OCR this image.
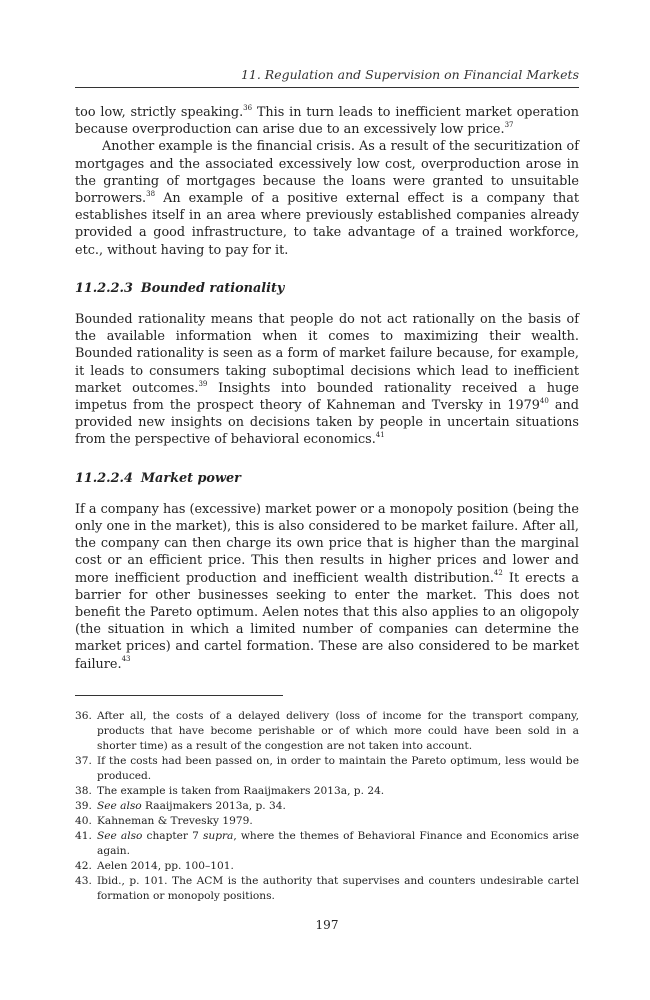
11. Regulation and Supervision on Financial Markets

too low, strictly speaking.$^{36}$ This in turn leads to inefficient market operation because overproduction can arise due to an excessively low price.$^{37}$

Another example is the financial crisis. As a result of the securitization of mortgages and the associated excessively low cost, overproduction arose in the granting of mortgages because the loans were granted to unsuitable borrowers.$^{38}$ An example of a positive external effect is a company that establishes itself in an area where previously established companies already provided a good infrastructure, to take advantage of a trained workforce, etc., without having to pay for it.

11.2.2.3 Bounded rationality

Bounded rationality means that people do not act rationally on the basis of the available information when it comes to maximizing their wealth. Bounded rationality is seen as a form of market failure because, for example, it leads to consumers taking suboptimal decisions which lead to inefficient market outcomes.$^{39}$ Insights into bounded rationality received a huge impetus from the prospect theory of Kahneman and Tversky in 1979$^{40}$ and provided new insights on decisions taken by people in uncertain situations from the perspective of behavioral economics.$^{41}$

11.2.2.4 Market power

If a company has (excessive) market power or a monopoly position (being the only one in the market), this is also considered to be market failure. After all, the company can then charge its own price that is higher than the marginal cost or an efficient price. This then results in higher prices and lower and more inefficient production and inefficient wealth distribution.$^{42}$ It erects a barrier for other businesses seeking to enter the market. This does not benefit the Pareto optimum. Aelen notes that this also applies to an oligopoly (the situation in which a limited number of companies can determine the market prices) and cartel formation. These are also considered to be market failure.$^{43}$

36. After all, the costs of a delayed delivery (loss of income for the transport company, products that have become perishable or of which more could have been sold in a shorter time) as a result of the congestion are not taken into account.
37. If the costs had been passed on, in order to maintain the Pareto optimum, less would be produced.
38. The example is taken from Raaijmakers 2013a, p. 24.
39. See also Raaijmakers 2013a, p. 34.
40. Kahneman & Trevesky 1979.
41. See also chapter 7 supra, where the themes of Behavioral Finance and Economics arise again.
42. Aelen 2014, pp. 100–101.
43. Ibid., p. 101. The ACM is the authority that supervises and counters undesirable cartel formation or monopoly positions.
197
